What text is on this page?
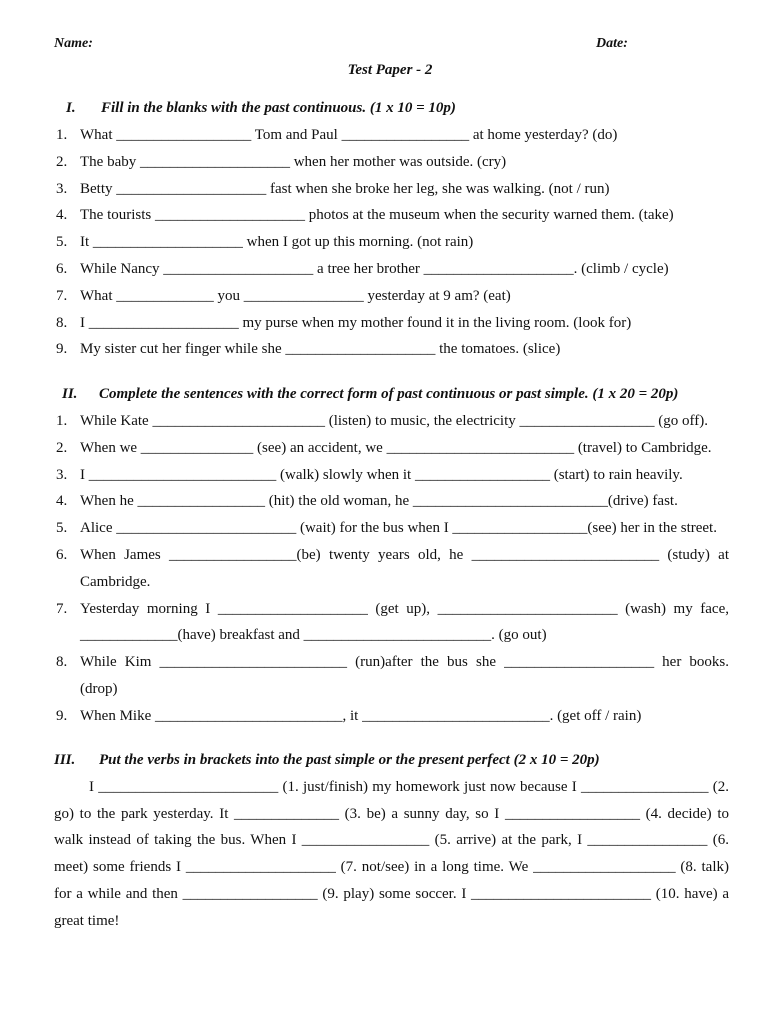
Name:	Date:
Test Paper - 2
I. Fill in the blanks with the past continuous. (1 x 10 = 10p)
1. What __________________ Tom and Paul _________________ at home yesterday? (do)
2. The baby ____________________ when her mother was outside. (cry)
3. Betty ____________________ fast when she broke her leg, she was walking. (not / run)
4. The tourists ____________________ photos at the museum when the security warned them. (take)
5. It ____________________ when I got up this morning. (not rain)
6. While Nancy ____________________ a tree her brother ____________________. (climb / cycle)
7. What _____________ you ________________ yesterday at 9 am? (eat)
8. I ____________________ my purse when my mother found it in the living room. (look for)
9. My sister cut her finger while she ____________________ the tomatoes. (slice)
II. Complete the sentences with the correct form of past continuous or past simple. (1 x 20 = 20p)
1. While Kate _______________________ (listen) to music, the electricity __________________ (go off).
2. When we _______________ (see) an accident, we _________________________ (travel) to Cambridge.
3. I _________________________ (walk) slowly when it __________________ (start) to rain heavily.
4. When he _________________ (hit) the old woman, he __________________________(drive) fast.
5. Alice ________________________ (wait) for the bus when I __________________(see) her in the street.
6. When James _________________(be) twenty years old, he _________________________ (study) at Cambridge.
7. Yesterday morning I ____________________ (get up), ________________________ (wash) my face, _____________(have) breakfast and _________________________. (go out)
8. While Kim _________________________ (run)after the bus she ____________________ her books. (drop)
9. When Mike _________________________, it _________________________. (get off / rain)
III. Put the verbs in brackets into the past simple or the present perfect (2 x 10 = 20p)
I ________________________ (1. just/finish) my homework just now because I _________________ (2. go) to the park yesterday. It ______________ (3. be) a sunny day, so I __________________ (4. decide) to walk instead of taking the bus. When I _________________ (5. arrive) at the park, I ________________ (6. meet) some friends I ____________________ (7. not/see) in a long time. We ___________________ (8. talk) for a while and then __________________ (9. play) some soccer. I ________________________ (10. have) a great time!
